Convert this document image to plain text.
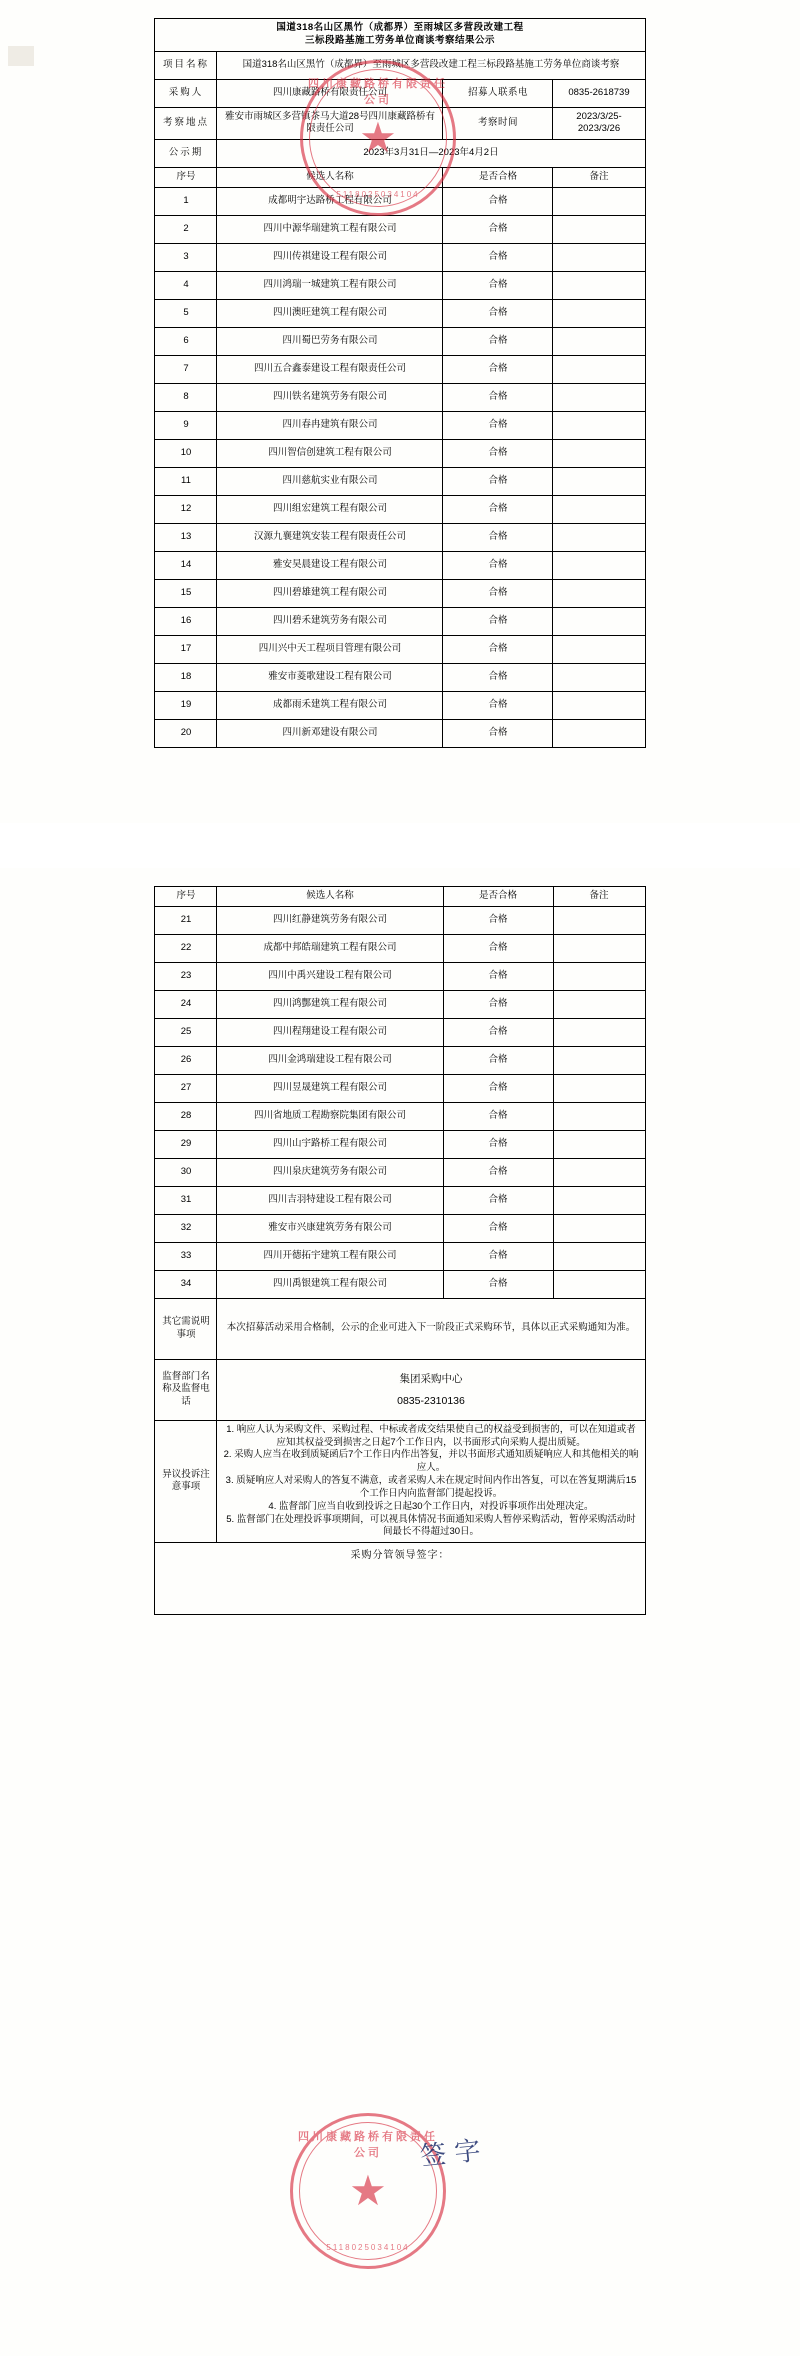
四川康藏路桥有限责任公司
★
5118025034104
国道318名山区黑竹（成都界）至雨城区多营段改建工程
三标段路基施工劳务单位商谈考察结果公示			

项目名称	国道318名山区黑竹（成都界）至雨城区多营段改建工程三标段路基施工劳务单位商谈考察		
采购人	四川康藏路桥有限责任公司	招募人联系电	0835-2618739
考察地点	雅安市雨城区多营镇茶马大道28号四川康藏路桥有限责任公司	考察时间	2023/3/25-2023/3/26
公示期	2023年3月31日—2023年4月2日		
序号	候选人名称	是否合格	备注
1	成都明宇达路桥工程有限公司	合格	
2	四川中源华瑞建筑工程有限公司	合格	
3	四川传祺建设工程有限公司	合格	
4	四川鸿瑞一城建筑工程有限公司	合格	
5	四川澳旺建筑工程有限公司	合格	
6	四川蜀巴劳务有限公司	合格	
7	四川五合鑫泰建设工程有限责任公司	合格	
8	四川铁名建筑劳务有限公司	合格	
9	四川春冉建筑有限公司	合格	
10	四川智信创建筑工程有限公司	合格	
11	四川慈航实业有限公司	合格	
12	四川组宏建筑工程有限公司	合格	
13	汉源九襄建筑安装工程有限责任公司	合格	
14	雅安昊晨建设工程有限公司	合格	
15	四川碧雄建筑工程有限公司	合格	
16	四川碧禾建筑劳务有限公司	合格	
17	四川兴中天工程项目管理有限公司	合格	
18	雅安市菱歌建设工程有限公司	合格	
19	成都雨禾建筑工程有限公司	合格	
20	四川新邓建设有限公司	合格	
四川康藏路桥有限责任公司
★
5118025034104
签 字
序号	候选人名称	是否合格	备注
21	四川红静建筑劳务有限公司	合格	
22	成都中邦皓瑞建筑工程有限公司	合格	
23	四川中禹兴建设工程有限公司	合格	
24	四川鸿酆建筑工程有限公司	合格	
25	四川程翔建设工程有限公司	合格	
26	四川金鸿瑞建设工程有限公司	合格	
27	四川昱晟建筑工程有限公司	合格	
28	四川省地质工程勘察院集团有限公司	合格	
29	四川山宇路桥工程有限公司	合格	
30	四川泉庆建筑劳务有限公司	合格	
31	四川吉羽特建设工程有限公司	合格	
32	雅安市兴康建筑劳务有限公司	合格	
33	四川开德拓宇建筑工程有限公司	合格	
34	四川禹银建筑工程有限公司	合格	
其它需说明事项	本次招募活动采用合格制，公示的企业可进入下一阶段正式采购环节，具体以正式采购通知为准。		
监督部门名称及监督电话	集团采购中心
0835-2310136		

异议投诉注意事项	1. 响应人认为采购文件、采购过程、中标或者成交结果使自己的权益受到损害的，可以在知道或者应知其权益受到损害之日起7个工作日内，以书面形式向采购人提出质疑。
2. 采购人应当在收到质疑函后7个工作日内作出答复，并以书面形式通知质疑响应人和其他相关的响应人。
3. 质疑响应人对采购人的答复不满意，或者采购人未在规定时间内作出答复，可以在答复期满后15个工作日内向监督部门提起投诉。
4. 监督部门应当自收到投诉之日起30个工作日内，对投诉事项作出处理决定。
5. 监督部门在处理投诉事项期间，可以视具体情况书面通知采购人暂停采购活动，暂停采购活动时间最长不得超过30日。		

采购分管领导签字：			
